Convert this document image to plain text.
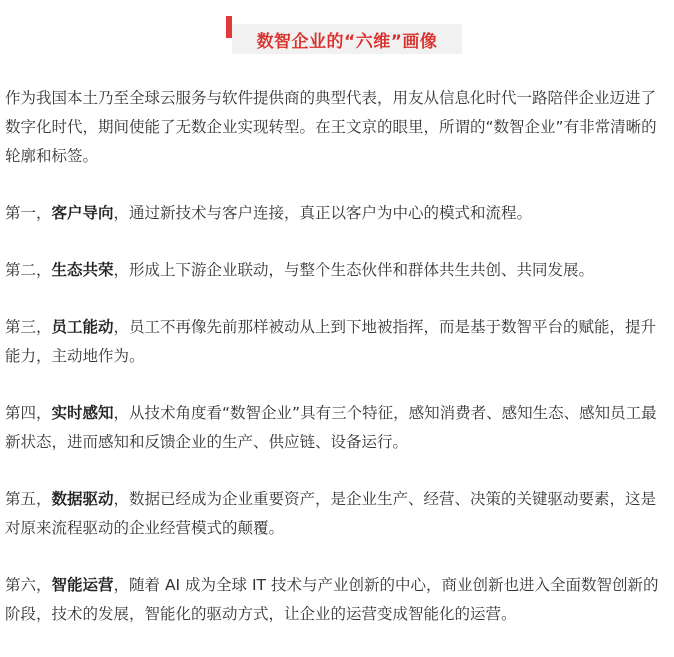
数智企业的“六维”画像

作为我国本土乃至全球云服务与软件提供商的典型代表，用友从信息化时代一路陪伴企业迈进了数字化时代，期间使能了无数企业实现转型。在王文京的眼里，所谓的“数智企业”有非常清晰的轮廓和标签。

第一，客户导向，通过新技术与客户连接，真正以客户为中心的模式和流程。

第二，生态共荣，形成上下游企业联动，与整个生态伙伴和群体共生共创、共同发展。

第三，员工能动，员工不再像先前那样被动从上到下地被指挥，而是基于数智平台的赋能，提升能力，主动地作为。

第四，实时感知，从技术角度看“数智企业”具有三个特征，感知消费者、感知生态、感知员工最新状态，进而感知和反馈企业的生产、供应链、设备运行。

第五，数据驱动，数据已经成为企业重要资产，是企业生产、经营、决策的关键驱动要素，这是对原来流程驱动的企业经营模式的颠覆。

第六，智能运营，随着 AI 成为全球 IT 技术与产业创新的中心，商业创新也进入全面数智创新的阶段，技术的发展，智能化的驱动方式，让企业的运营变成智能化的运营。
